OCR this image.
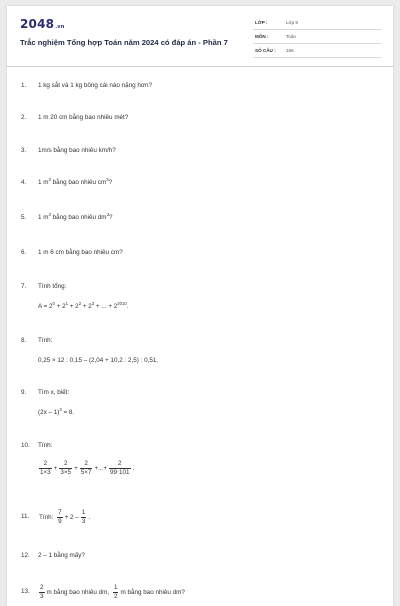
2048.vn
Trắc nghiệm Tổng hợp Toán năm 2024 có đáp án - Phần 7
LỚP :	Lớp 9
MÔN :	Toán
SỐ CÂU : 166
1. 1 kg sắt và 1 kg bông cái nào nặng hơn?
2. 1 m 20 cm bằng bao nhiêu mét?
3. 1m/s bằng bao nhiêu km/h?
4. 1 $m^3$ bằng bao nhiêu $cm^3$?
5. 1 $m^3$ bằng bao nhiêu $dm^3$?
6. 1 m 6 cm bằng bao nhiêu cm?
7. Tính tổng:
$A = 2^0 + 2^1 + 2^2 + 2^3$ + ... + $2^{2010}$.
8. Tính:
0,25 × 12 : 0,15 – (2,04 + 10,2 : 2,5) : 0,51.
9. Tìm x, biết:
(2x – 1)$^3$ = 8.
10. Tính:
$\frac{2}{1\times 3} + \frac{2}{3\times 5} + \frac{2}{5\times 7}$ +...+ $\frac{2}{99\cdot 101}$ .
11. Tính: $\frac{7}{9} + 2 - \frac{1}{3}$ .
12. 2 – 1 bằng mấy?
13. $\frac{2}{3}$ m bằng bao nhiêu dm, $\frac{1}{2}$ m bằng bao nhiêu dm?
